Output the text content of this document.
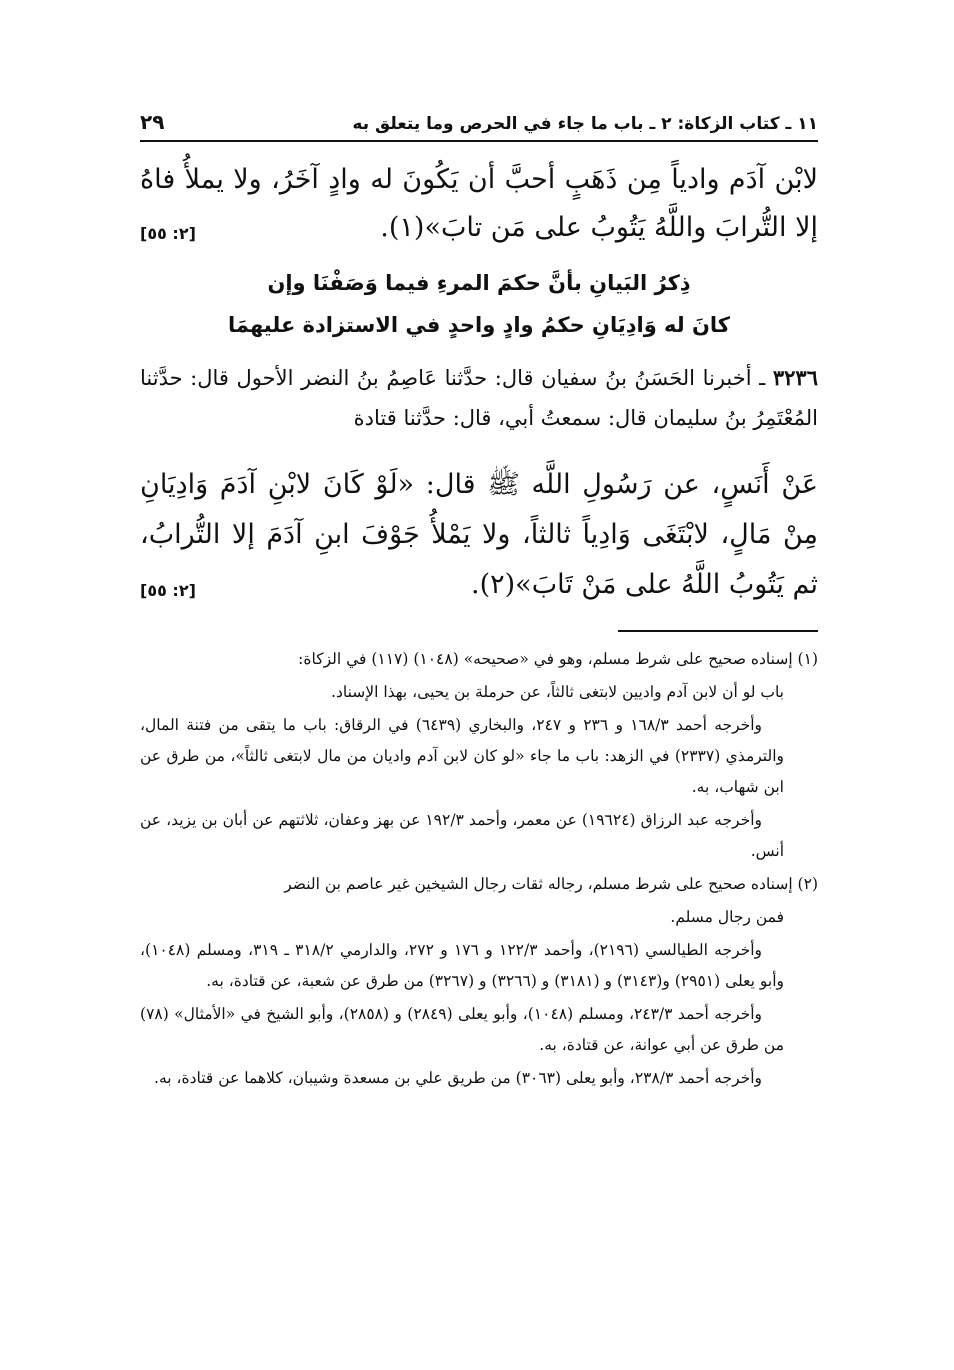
١١ ـ كتاب الزكاة: ٢ ـ باب ما جاء في الحرص وما يتعلق به
٢٩
لابْن آدَم وادياً مِن ذَهَبٍ أحبَّ أن يَكُونَ له وادٍ آخَرُ، ولا يملأُ فاهُ إلا التُّرابَ واللَّهُ يَتُوبُ على مَن تابَ»(١).
[٢: ٥٥]
ذِكرُ البَيانِ بأنَّ حكمَ المرءِ فيما وَصَفْنَا وإن
كانَ له وَادِيَانِ حكمُ وادٍ واحدٍ في الاستزادة عليهمَا
٣٢٣٦ ـ أخبرنا الحَسَنُ بنُ سفيان قال: حدَّثنا عَاصِمُ بنُ النضر الأحول قال: حدَّثنا المُعْتَمِرُ بنُ سليمان قال: سمعتُ أبي، قال: حدَّثنا قتادة
عَنْ أَنَسٍ، عن رَسُولِ اللَّه ﷺ قال: «لَوْ كَانَ لابْنِ آدَمَ وَادِيَانِ مِنْ مَالٍ، لابْتَغَى وَادِياً ثالثاً، ولا يَمْلأُ جَوْفَ ابنِ آدَمَ إلا التُّرابُ، ثم يَتُوبُ اللَّهُ على مَنْ تَابَ»(٢).
[٢: ٥٥]

(١) إسناده صحيح على شرط مسلم، وهو في «صحيحه» (١٠٤٨) (١١٧) في الزكاة:

باب لو أن لابن آدم واديين لابتغى ثالثاً، عن حرملة بن يحيى، بهذا الإسناد.

وأخرجه أحمد ١٦٨/٣ و ٢٣٦ و ٢٤٧، والبخاري (٦٤٣٩) في الرقاق: باب ما يتقى من فتنة المال، والترمذي (٢٣٣٧) في الزهد: باب ما جاء «لو كان لابن آدم واديان من مال لابتغى ثالثاً»، من طرق عن ابن شهاب، به.

وأخرجه عبد الرزاق (١٩٦٢٤) عن معمر، وأحمد ١٩٢/٣ عن بهز وعفان، ثلاثتهم عن أبان بن يزيد، عن أنس.

(٢) إسناده صحيح على شرط مسلم، رجاله ثقات رجال الشيخين غير عاصم بن النضر

فمن رجال مسلم.

وأخرجه الطيالسي (٢١٩٦)، وأحمد ١٢٢/٣ و ١٧٦ و ٢٧٢، والدارمي ٣١٨/٢ ـ ٣١٩، ومسلم (١٠٤٨)، وأبو يعلى (٢٩٥١) و(٣١٤٣) و (٣١٨١) و (٣٢٦٦) و (٣٢٦٧) من طرق عن شعبة، عن قتادة، به.

وأخرجه أحمد ٢٤٣/٣، ومسلم (١٠٤٨)، وأبو يعلى (٢٨٤٩) و (٢٨٥٨)، وأبو الشيخ في «الأمثال» (٧٨) من طرق عن أبي عوانة، عن قتادة، به.

وأخرجه أحمد ٢٣٨/٣، وأبو يعلى (٣٠٦٣) من طريق علي بن مسعدة وشيبان، كلاهما عن قتادة، به.
